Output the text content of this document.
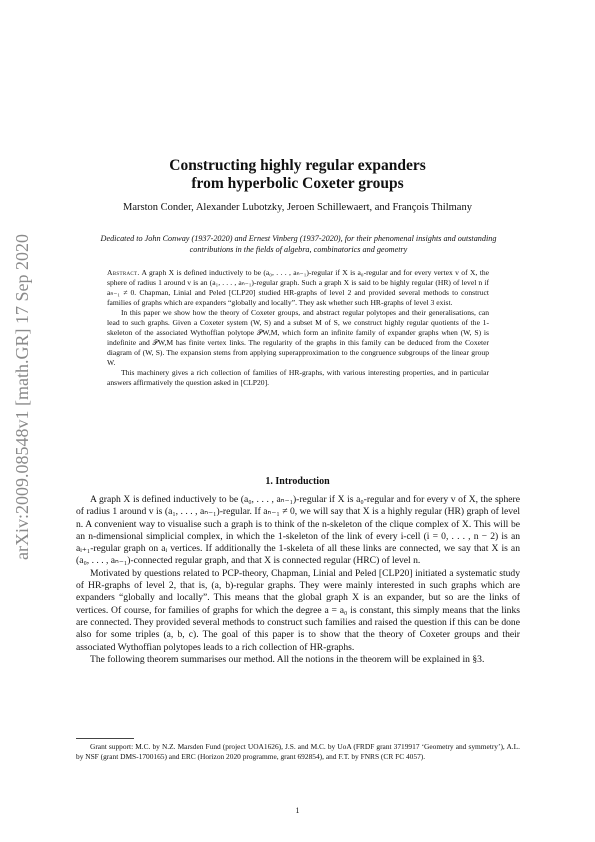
arXiv:2009.08548v1 [math.GR] 17 Sep 2020
Constructing highly regular expanders
from hyperbolic Coxeter groups
Marston Conder, Alexander Lubotzky, Jeroen Schillewaert, and François Thilmany
Dedicated to John Conway (1937-2020) and Ernest Vinberg (1937-2020), for their phenomenal insights and outstanding contributions in the fields of algebra, combinatorics and geometry

Abstract. A graph X is defined inductively to be (a₀, . . . , aₙ₋₁)-regular if X is a₀-regular and for every vertex v of X, the sphere of radius 1 around v is an (a₁, . . . , aₙ₋₁)-regular graph. Such a graph X is said to be highly regular (HR) of level n if aₙ₋₁ ≠ 0. Chapman, Linial and Peled [CLP20] studied HR-graphs of level 2 and provided several methods to construct families of graphs which are expanders “globally and locally”. They ask whether such HR-graphs of level 3 exist.

In this paper we show how the theory of Coxeter groups, and abstract regular polytopes and their generalisations, can lead to such graphs. Given a Coxeter system (W, S) and a subset M of S, we construct highly regular quotients of the 1-skeleton of the associated Wythoffian polytope 𝒫W,M, which form an infinite family of expander graphs when (W, S) is indefinite and 𝒫W,M has finite vertex links. The regularity of the graphs in this family can be deduced from the Coxeter diagram of (W, S). The expansion stems from applying superapproximation to the congruence subgroups of the linear group W.

This machinery gives a rich collection of families of HR-graphs, with various interesting properties, and in particular answers affirmatively the question asked in [CLP20].

1. Introduction

A graph X is defined inductively to be (a₀, . . . , aₙ₋₁)-regular if X is a₀-regular and for every v of X, the sphere of radius 1 around v is (a₁, . . . , aₙ₋₁)-regular. If aₙ₋₁ ≠ 0, we will say that X is a highly regular (HR) graph of level n. A convenient way to visualise such a graph is to think of the n-skeleton of the clique complex of X. This will be an n-dimensional simplicial complex, in which the 1-skeleton of the link of every i-cell (i = 0, . . . , n − 2) is an aᵢ₊₁-regular graph on aᵢ vertices. If additionally the 1-skeleta of all these links are connected, we say that X is an (a₀, . . . , aₙ₋₁)-connected regular graph, and that X is connected regular (HRC) of level n.

Motivated by questions related to PCP-theory, Chapman, Linial and Peled [CLP20] initiated a systematic study of HR-graphs of level 2, that is, (a, b)-regular graphs. They were mainly interested in such graphs which are expanders “globally and locally”. This means that the global graph X is an expander, but so are the links of vertices. Of course, for families of graphs for which the degree a = a₀ is constant, this simply means that the links are connected. They provided several methods to construct such families and raised the question if this can be done also for some triples (a, b, c). The goal of this paper is to show that the theory of Coxeter groups and their associated Wythoffian polytopes leads to a rich collection of HR-graphs.

The following theorem summarises our method. All the notions in the theorem will be explained in §3.

Grant support: M.C. by N.Z. Marsden Fund (project UOA1626), J.S. and M.C. by UoA (FRDF grant 3719917 ‘Geometry and symmetry’), A.L. by NSF (grant DMS-1700165) and ERC (Horizon 2020 programme, grant 692854), and F.T. by FNRS (CR FC 4057).
1
